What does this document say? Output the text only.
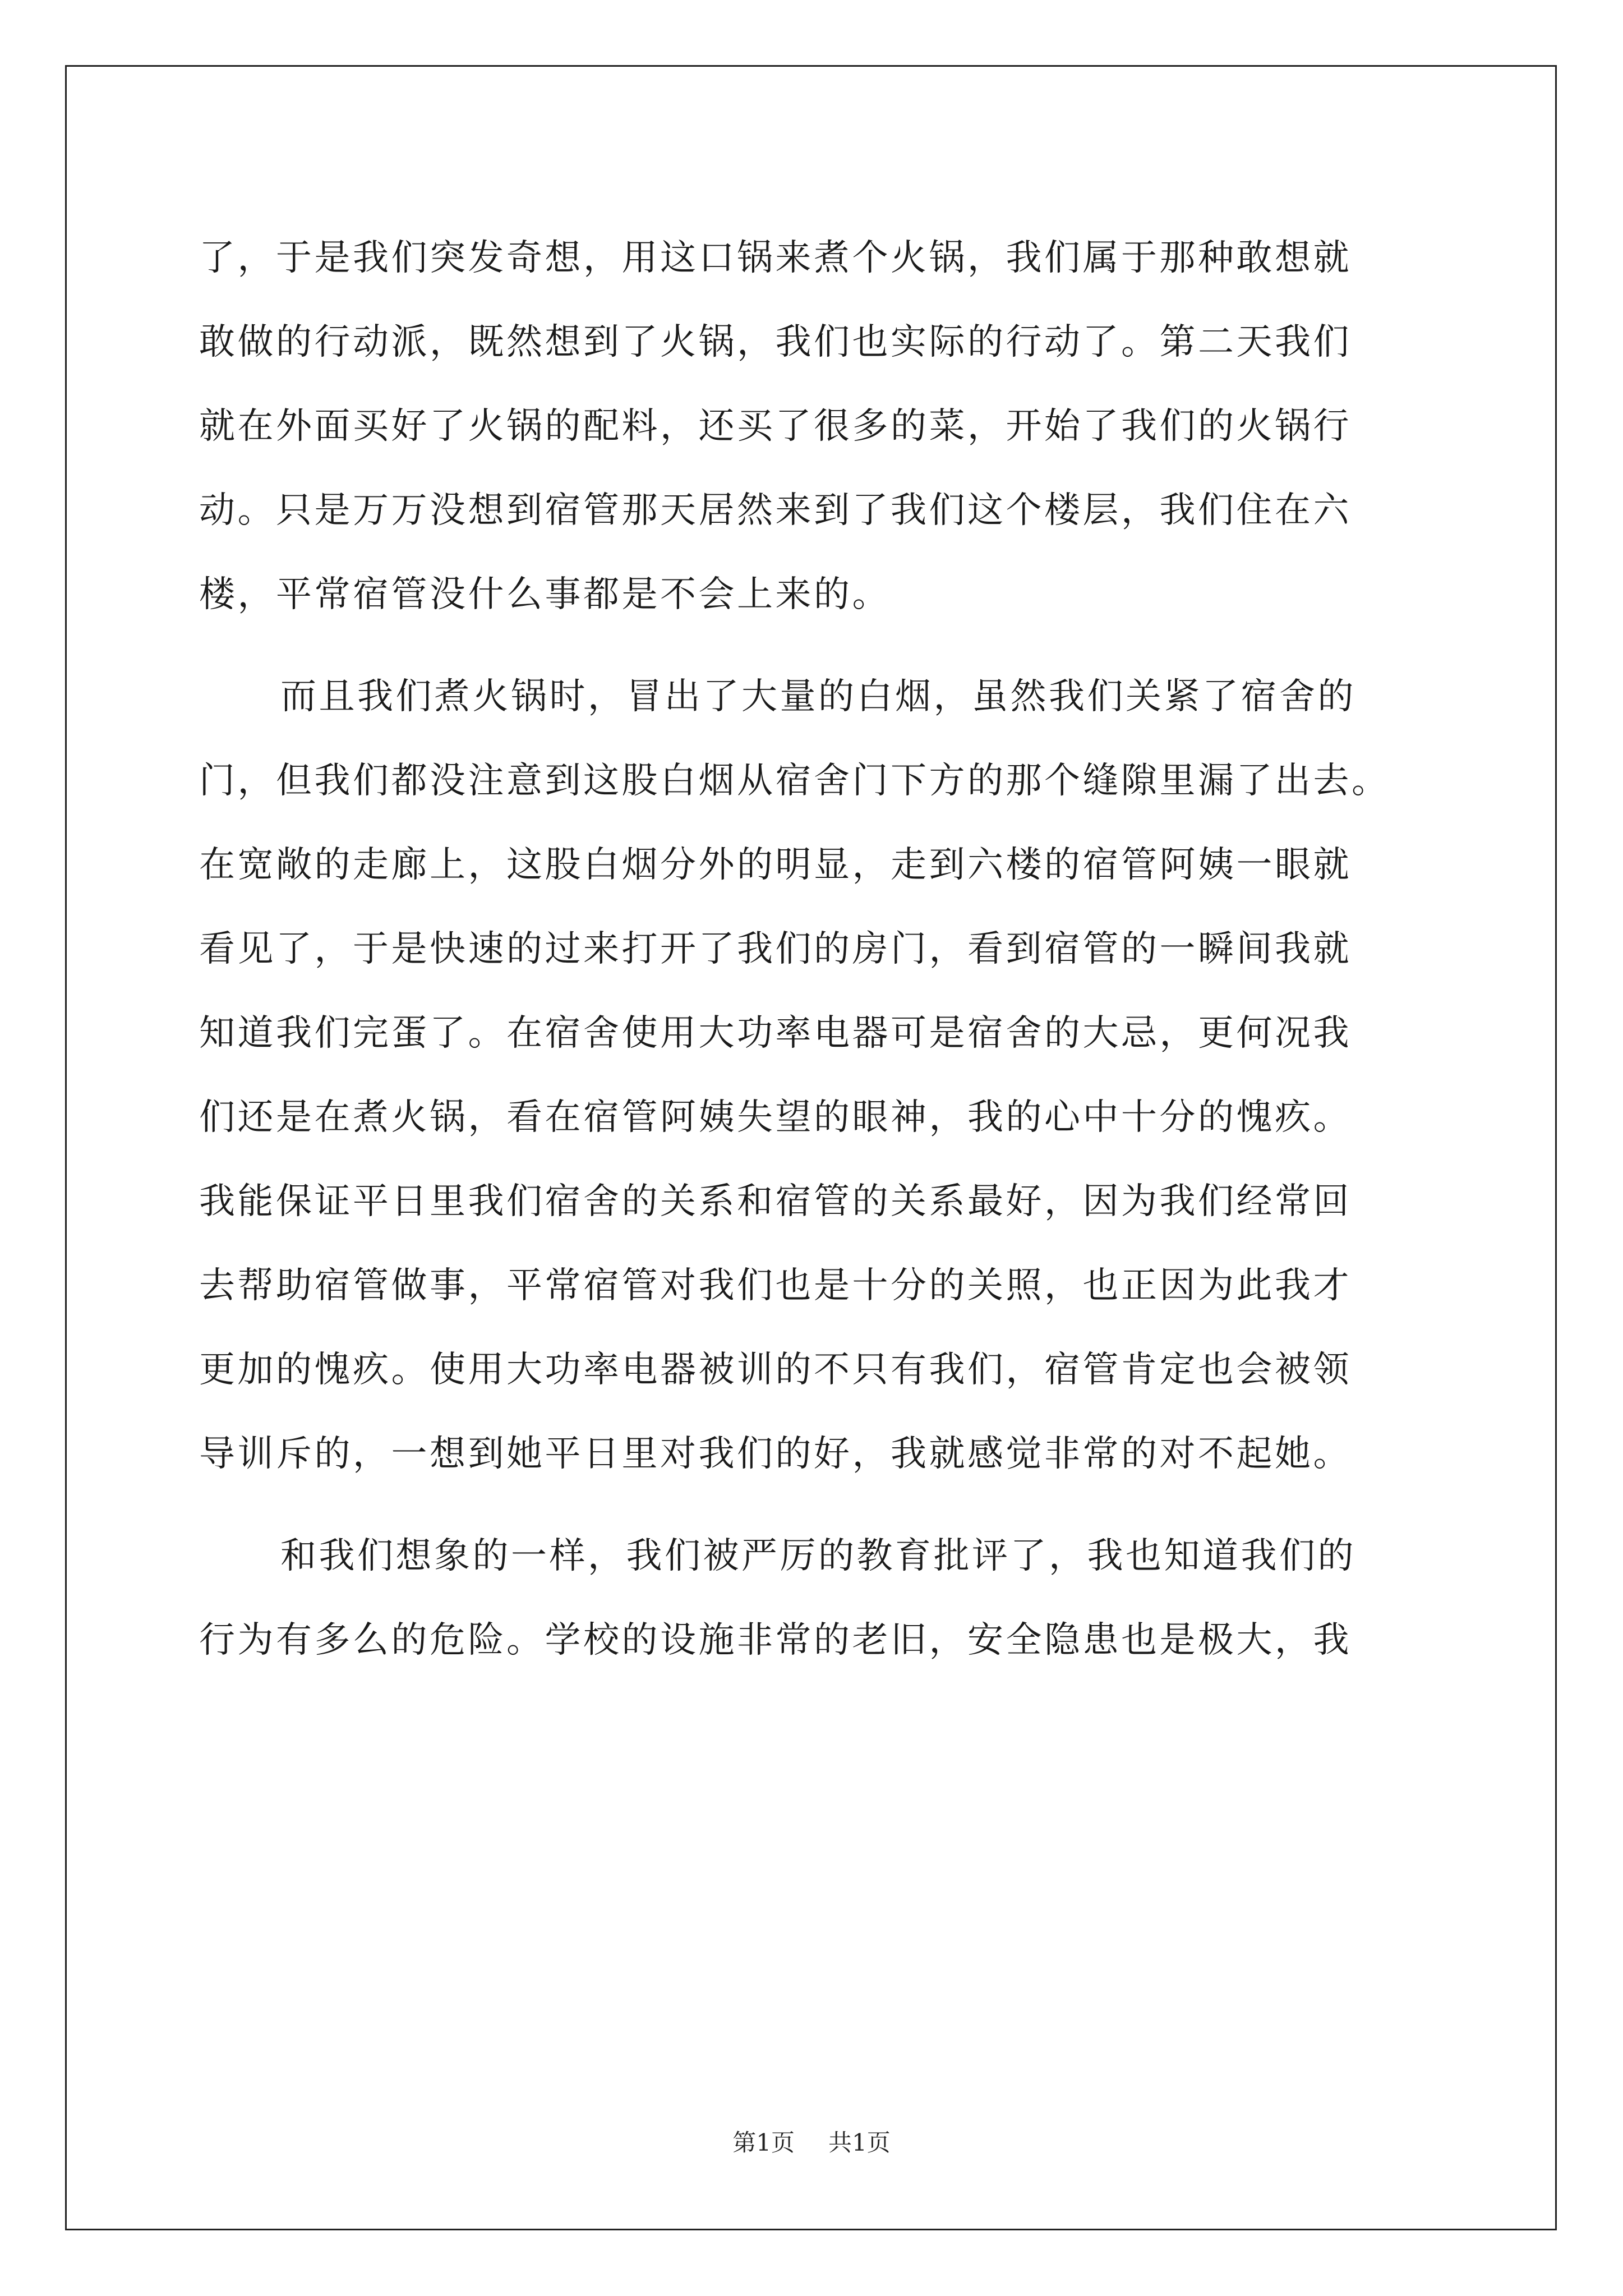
了，于是我们突发奇想，用这口锅来煮个火锅，我们属于那种敢想就
敢做的行动派，既然想到了火锅，我们也实际的行动了。第二天我们
就在外面买好了火锅的配料，还买了很多的菜，开始了我们的火锅行
动。只是万万没想到宿管那天居然来到了我们这个楼层，我们住在六
楼，平常宿管没什么事都是不会上来的。
而且我们煮火锅时，冒出了大量的白烟，虽然我们关紧了宿舍的
门，但我们都没注意到这股白烟从宿舍门下方的那个缝隙里漏了出去。
在宽敞的走廊上，这股白烟分外的明显，走到六楼的宿管阿姨一眼就
看见了，于是快速的过来打开了我们的房门，看到宿管的一瞬间我就
知道我们完蛋了。在宿舍使用大功率电器可是宿舍的大忌，更何况我
们还是在煮火锅，看在宿管阿姨失望的眼神，我的心中十分的愧疚。
我能保证平日里我们宿舍的关系和宿管的关系最好，因为我们经常回
去帮助宿管做事，平常宿管对我们也是十分的关照，也正因为此我才
更加的愧疚。使用大功率电器被训的不只有我们，宿管肯定也会被领
导训斥的，一想到她平日里对我们的好，我就感觉非常的对不起她。
和我们想象的一样，我们被严厉的教育批评了，我也知道我们的
行为有多么的危险。学校的设施非常的老旧，安全隐患也是极大，我
第1页 共1页
